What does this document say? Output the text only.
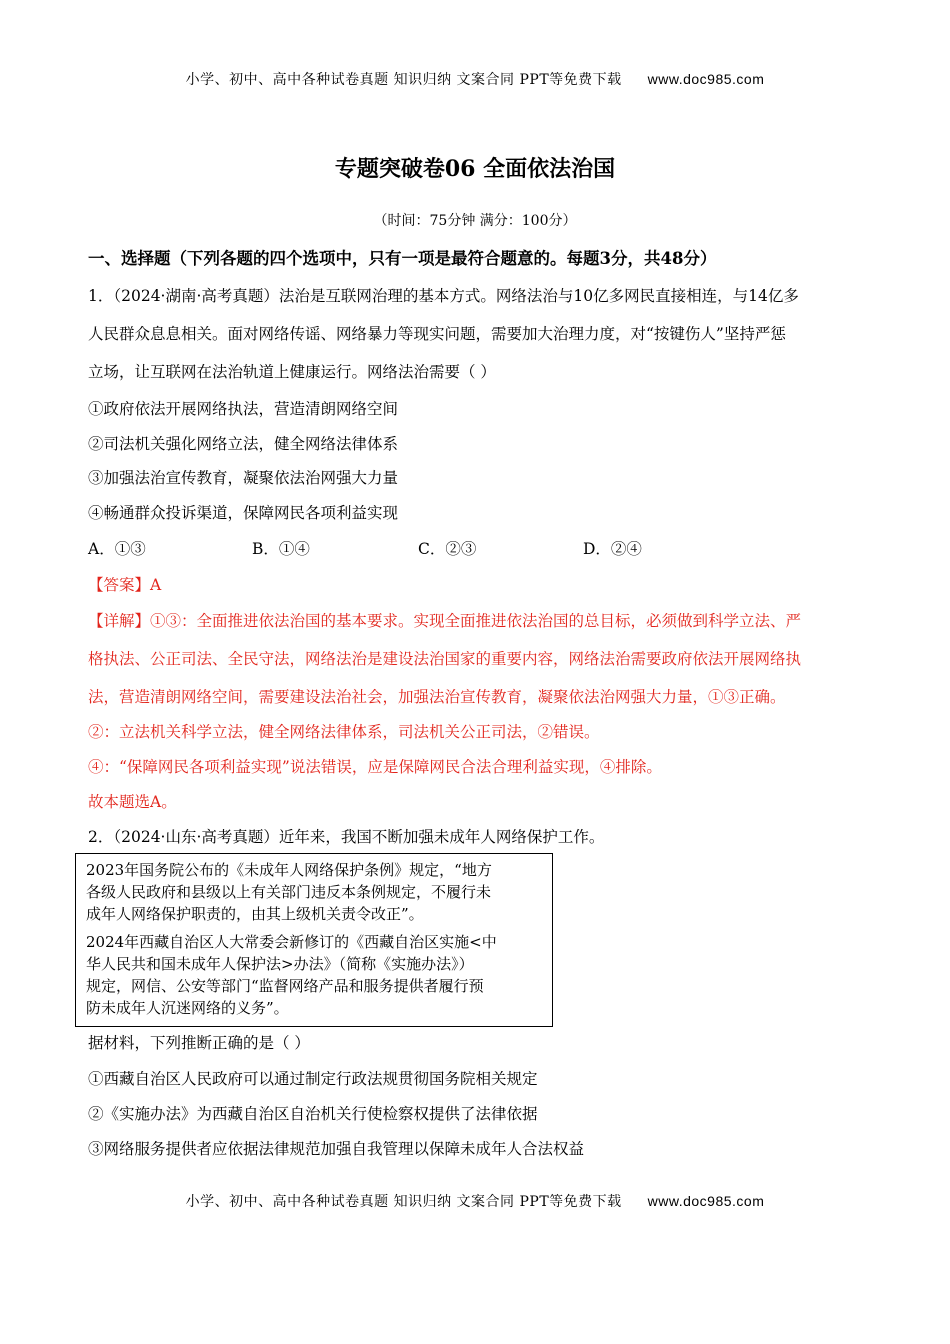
小学、初中、高中各种试卷真题 知识归纳 文案合同 PPT等免费下载 www.doc985.com
专题突破卷06 全面依法治国
（时间：75分钟 满分：100分）
一、选择题（下列各题的四个选项中，只有一项是最符合题意的。每题3分，共48分）
1．（2024·湖南·高考真题）法治是互联网治理的基本方式。网络法治与10亿多网民直接相连，与14亿多
人民群众息息相关。面对网络传谣、网络暴力等现实问题，需要加大治理力度，对“按键伤人”坚持严惩
立场，让互联网在法治轨道上健康运行。网络法治需要（ ）
①政府依法开展网络执法，营造清朗网络空间
②司法机关强化网络立法，健全网络法律体系
③加强法治宣传教育，凝聚依法治网强大力量
④畅通群众投诉渠道，保障网民各项利益实现
A．①③	B．①④	C．②③	D．②④
【答案】A
【详解】①③：全面推进依法治国的基本要求。实现全面推进依法治国的总目标，必须做到科学立法、严
格执法、公正司法、全民守法，网络法治是建设法治国家的重要内容，网络法治需要政府依法开展网络执
法，营造清朗网络空间，需要建设法治社会，加强法治宣传教育，凝聚依法治网强大力量，①③正确。
②：立法机关科学立法，健全网络法律体系，司法机关公正司法，②错误。
④：“保障网民各项利益实现”说法错误，应是保障网民合法合理利益实现，④排除。
故本题选A。
2．（2024·山东·高考真题）近年来，我国不断加强未成年人网络保护工作。

2023年国务院公布的《未成年人网络保护条例》规定，“地方
各级人民政府和县级以上有关部门违反本条例规定，不履行未
成年人网络保护职责的，由其上级机关责令改正”。

2024年西藏自治区人大常委会新修订的《西藏自治区实施<中
华人民共和国未成年人保护法>办法》（简称《实施办法》）
规定，网信、公安等部门“监督网络产品和服务提供者履行预
防未成年人沉迷网络的义务”。

据材料，下列推断正确的是（ ）
①西藏自治区人民政府可以通过制定行政法规贯彻国务院相关规定
②《实施办法》为西藏自治区自治机关行使检察权提供了法律依据
③网络服务提供者应依据法律规范加强自我管理以保障未成年人合法权益
小学、初中、高中各种试卷真题 知识归纳 文案合同 PPT等免费下载 www.doc985.com
